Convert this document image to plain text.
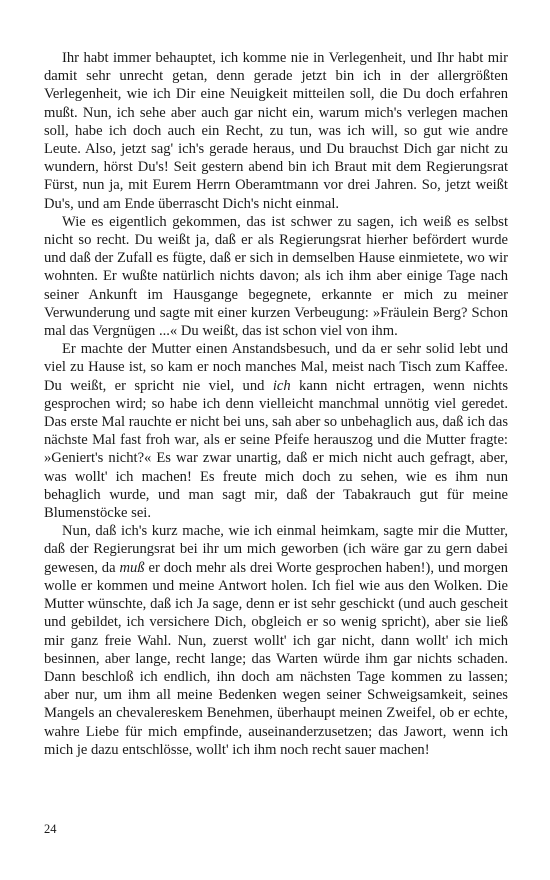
Ihr habt immer behauptet, ich komme nie in Verlegenheit, und Ihr habt mir damit sehr unrecht getan, denn gerade jetzt bin ich in der allergrößten Verlegenheit, wie ich Dir eine Neuigkeit mitteilen soll, die Du doch erfahren mußt. Nun, ich sehe aber auch gar nicht ein, warum mich's verlegen machen soll, habe ich doch auch ein Recht, zu tun, was ich will, so gut wie andre Leute. Also, jetzt sag' ich's gerade heraus, und Du brauchst Dich gar nicht zu wundern, hörst Du's! Seit gestern abend bin ich Braut mit dem Regierungsrat Fürst, nun ja, mit Eurem Herrn Oberamtmann vor drei Jahren. So, jetzt weißt Du's, und am Ende überrascht Dich's nicht einmal.

Wie es eigentlich gekommen, das ist schwer zu sagen, ich weiß es selbst nicht so recht. Du weißt ja, daß er als Regierungsrat hierher befördert wurde und daß der Zufall es fügte, daß er sich in demselben Hause einmietete, wo wir wohnten. Er wußte natürlich nichts davon; als ich ihm aber einige Tage nach seiner Ankunft im Hausgange begegnete, erkannte er mich zu meiner Verwunderung und sagte mit einer kurzen Verbeugung: »Fräulein Berg? Schon mal das Vergnügen ...« Du weißt, das ist schon viel von ihm.

Er machte der Mutter einen Anstandsbesuch, und da er sehr solid lebt und viel zu Hause ist, so kam er noch manches Mal, meist nach Tisch zum Kaffee. Du weißt, er spricht nie viel, und ich kann nicht ertragen, wenn nichts gesprochen wird; so habe ich denn vielleicht manchmal unnötig viel geredet. Das erste Mal rauchte er nicht bei uns, sah aber so unbehaglich aus, daß ich das nächste Mal fast froh war, als er seine Pfeife herauszog und die Mutter fragte: »Geniert's nicht?« Es war zwar unartig, daß er mich nicht auch gefragt, aber, was wollt' ich machen! Es freute mich doch zu sehen, wie es ihm nun behaglich wurde, und man sagt mir, daß der Tabakrauch gut für meine Blumenstöcke sei.

Nun, daß ich's kurz mache, wie ich einmal heimkam, sagte mir die Mutter, daß der Regierungsrat bei ihr um mich geworben (ich wäre gar zu gern dabei gewesen, da muß er doch mehr als drei Worte gesprochen haben!), und morgen wolle er kommen und meine Antwort holen. Ich fiel wie aus den Wolken. Die Mutter wünschte, daß ich Ja sage, denn er ist sehr geschickt (und auch gescheit und gebildet, ich versichere Dich, obgleich er so wenig spricht), aber sie ließ mir ganz freie Wahl. Nun, zuerst wollt' ich gar nicht, dann wollt' ich mich besinnen, aber lange, recht lange; das Warten würde ihm gar nichts schaden. Dann beschloß ich endlich, ihn doch am nächsten Tage kommen zu lassen; aber nur, um ihm all meine Bedenken wegen seiner Schweigsamkeit, seines Mangels an chevalereskem Benehmen, überhaupt meinen Zweifel, ob er echte, wahre Liebe für mich empfinde, auseinanderzusetzen; das Jawort, wenn ich mich je dazu entschlösse, wollt' ich ihm noch recht sauer machen!

24
